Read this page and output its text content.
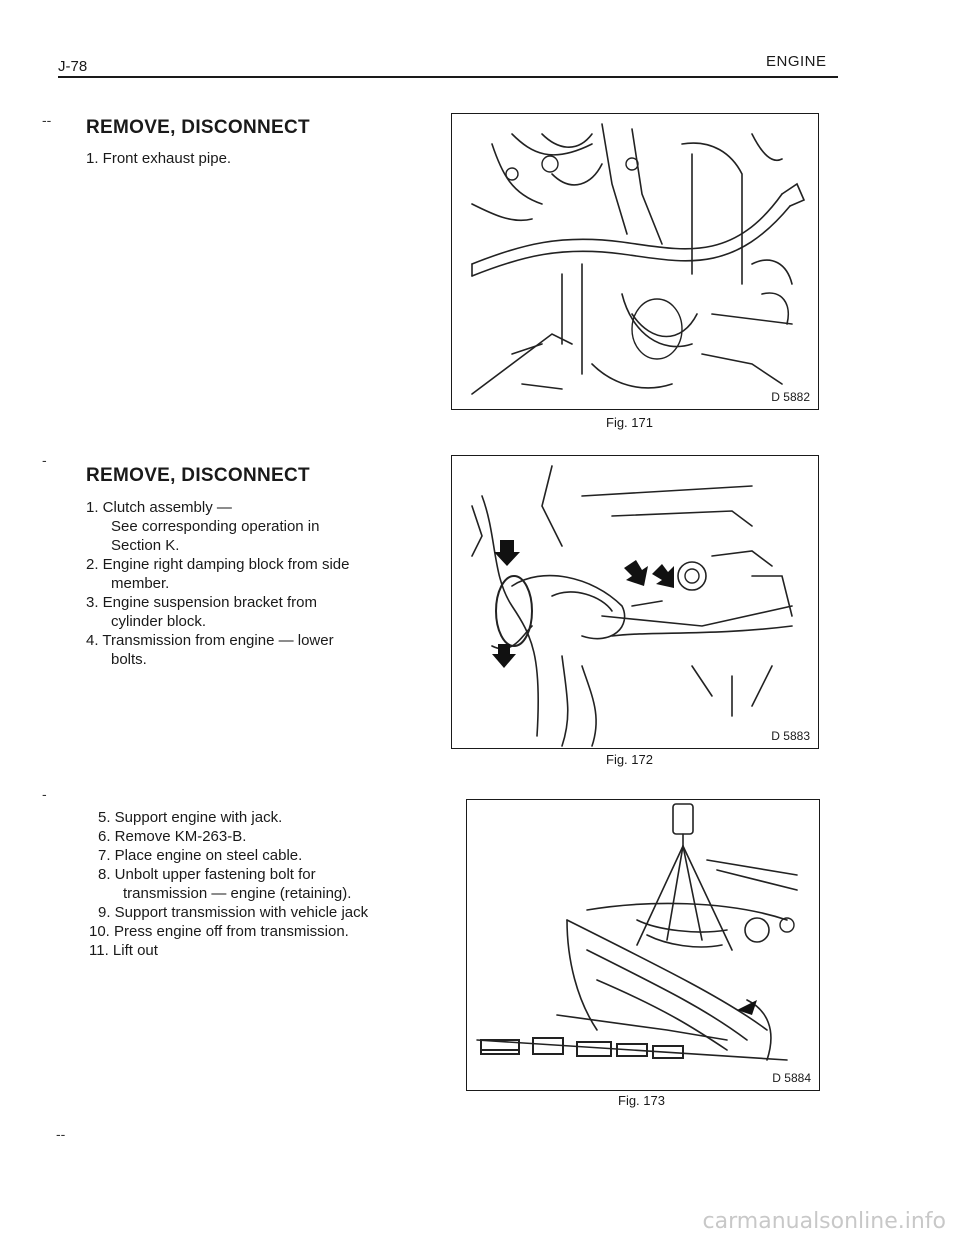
J-78	ENGINE
‐‑
‐
‐
‐‐
REMOVE, DISCONNECT
1. Front exhaust pipe.
D 5882
Fig. 171
REMOVE, DISCONNECT
1. Clutch assembly —
See corresponding operation in
Section K.
2. Engine right damping block from side
member.
3. Engine suspension bracket from
cylinder block.
4. Transmission from engine — lower
bolts.
D 5883
Fig. 172
5. Support engine with jack.
6. Remove KM-263-B.
7. Place engine on steel cable.
8. Unbolt upper fastening bolt for
transmission — engine (retaining).
9. Support transmission with vehicle jack
10. Press engine off from transmission.
11. Lift out
D 5884
Fig. 173
carmanualsonline.info
